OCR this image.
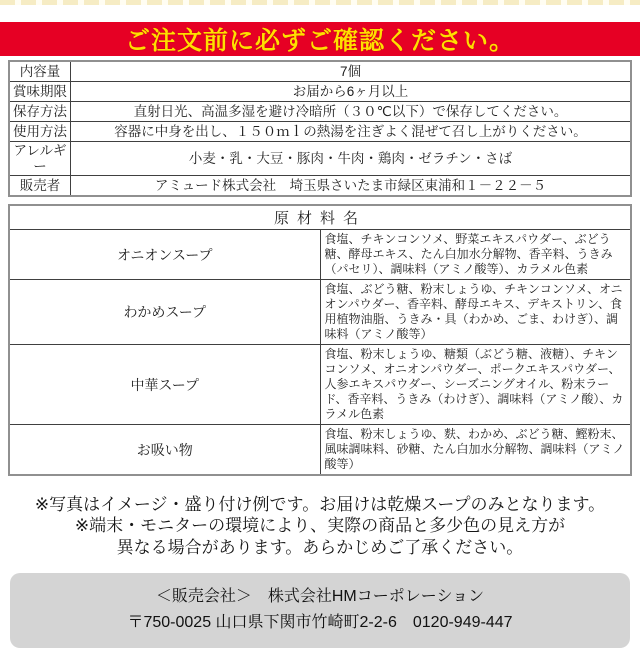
ご注文前に必ずご確認ください。
内容量	7個
賞味期限	お届から6ヶ月以上
保存方法	直射日光、高温多湿を避け冷暗所（３０℃以下）で保存してください。
使用方法	容器に中身を出し、１５０ｍｌの熱湯を注ぎよく混ぜて召し上がりください。
アレルギー	小麦・乳・大豆・豚肉・牛肉・鶏肉・ゼラチン・さば
販売者	アミュード株式会社　埼玉県さいたま市緑区東浦和１－２２－５
原材料名	
オニオンスープ	食塩、チキンコンソメ、野菜エキスパウダー、ぶどう糖、酵母エキス、たん白加水分解物、香辛料、うきみ（パセリ）、調味料（アミノ酸等）、カラメル色素
わかめスープ	食塩、ぶどう糖、粉末しょうゆ、チキンコンソメ、オニオンパウダー、香辛料、酵母エキス、デキストリン、食用植物油脂、うきみ・具（わかめ、ごま、わけぎ）、調味料（アミノ酸等）
中華スープ	食塩、粉末しょうゆ、糖類（ぶどう糖、液糖）、チキンコンソメ、オニオンパウダー、ポークエキスパウダー、人参エキスパウダー、シーズニングオイル、粉末ラード、香辛料、うきみ（わけぎ）、調味料（アミノ酸）、カラメル色素
お吸い物	食塩、粉末しょうゆ、麩、わかめ、ぶどう糖、鰹粉末、風味調味料、砂糖、たん白加水分解物、調味料（アミノ酸等）
※写真はイメージ・盛り付け例です。お届けは乾燥スープのみとなります。
※端末・モニターの環境により、実際の商品と多少色の見え方が
異なる場合があります。あらかじめご了承ください。
＜販売会社＞　株式会社HMコーポレーション
〒750-0025 山口県下関市竹崎町2-2-6　0120-949-447
